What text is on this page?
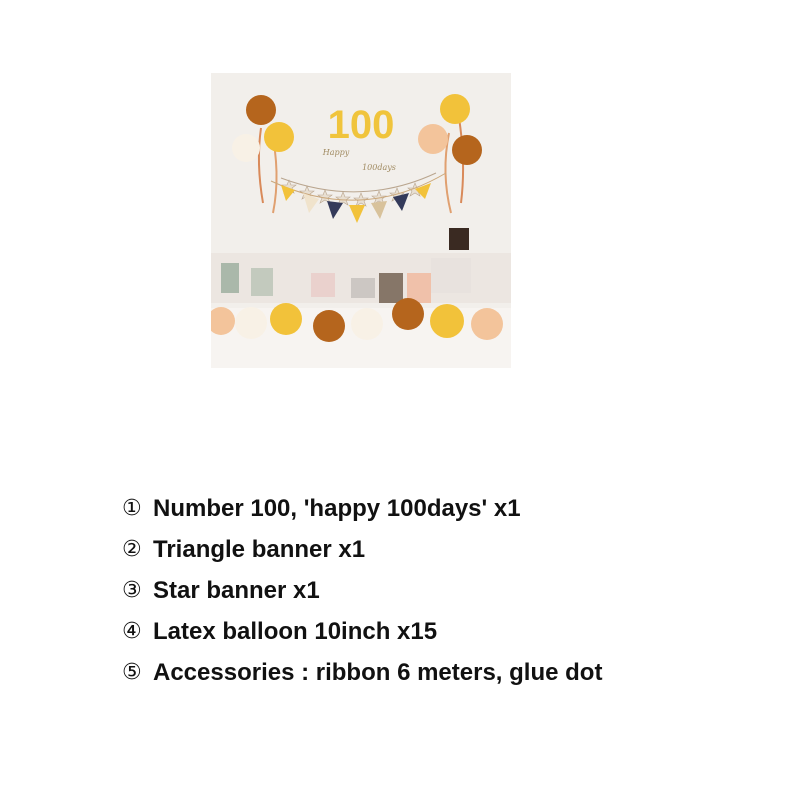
100
Happy
100days
① Number 100, 'happy 100days' x1
② Triangle banner x1
③ Star banner x1
④ Latex balloon 10inch x15
⑤ Accessories : ribbon 6 meters, glue dot
